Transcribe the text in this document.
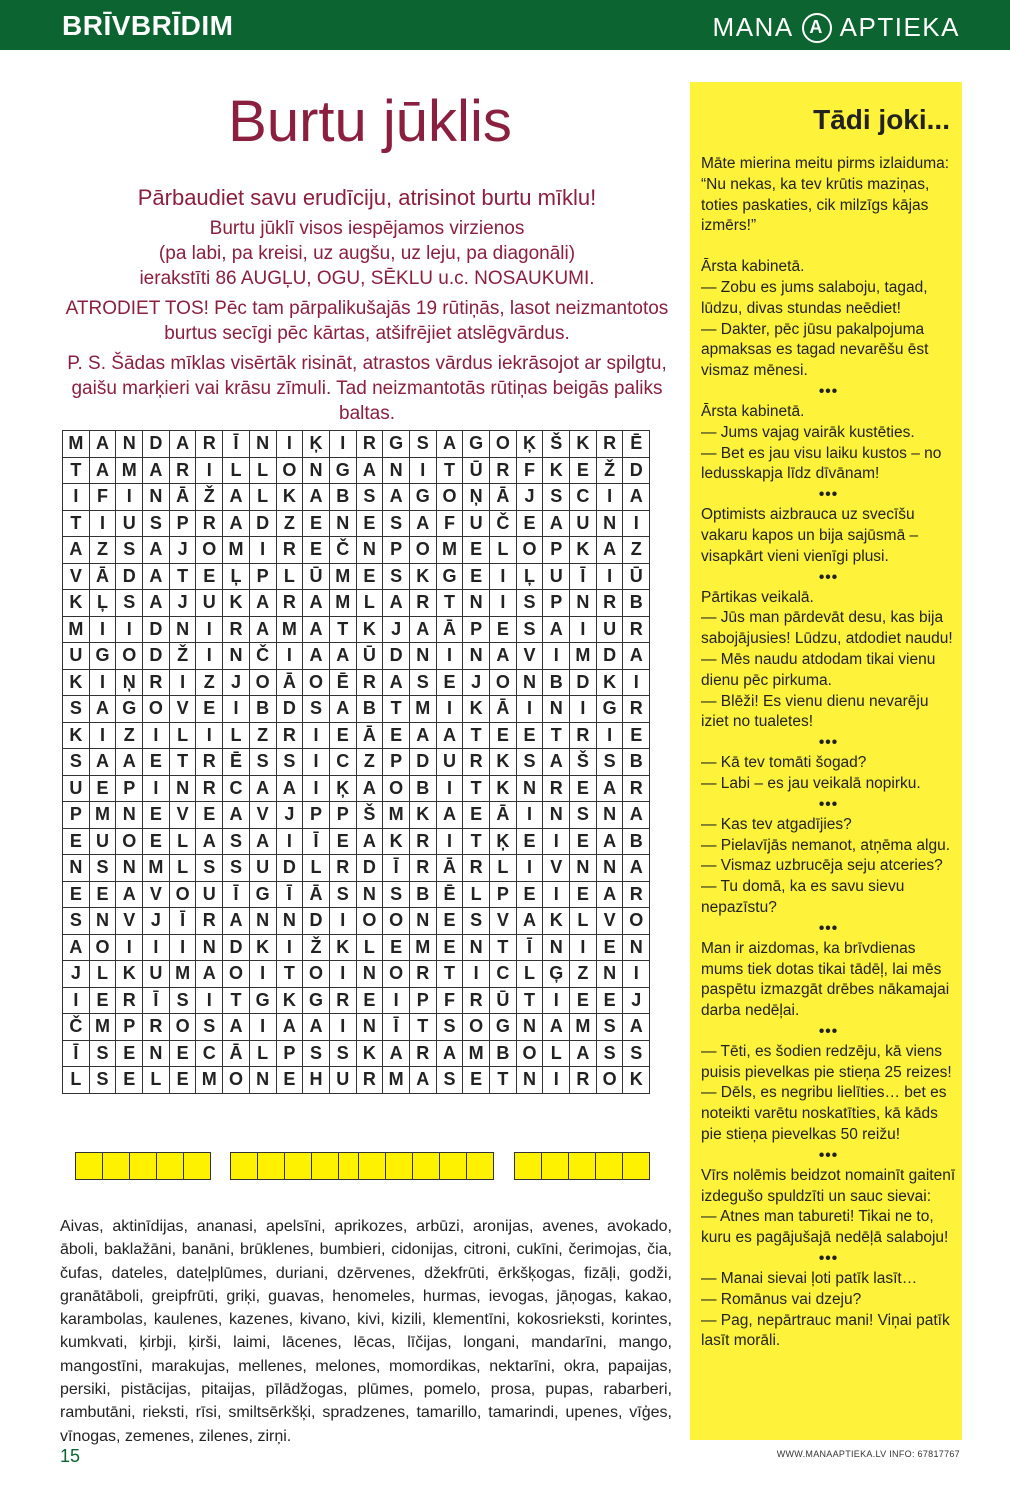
BRĪVBRĪDIM	MANA A APTIEKA
Burtu jūklis

Pārbaudiet savu erudīciju, atrisinot burtu mīklu!

Burtu jūklī visos iespējamos virzienos
(pa labi, pa kreisi, uz augšu, uz leju, pa diagonāli)
ierakstīti 86 AUGĻU, OGU, SĒKLU u.c. NOSAUKUMI.

ATRODIET TOS! Pēc tam pārpalikušajās 19 rūtiņās, lasot neizmantotos burtus secīgi pēc kārtas, atšifrējiet atslēgvārdus.

P. S. Šādas mīklas visērtāk risināt, atrastos vārdus iekrāsojot ar spilgtu, gaišu marķieri vai krāsu zīmuli. Tad neizmantotās rūtiņas beigās paliks baltas.

M	A	N	D	A	R	Ī	N	I	Ķ	I	R	G	S	A	G	O	Ķ	Š	K	R	Ē
T	A	M	A	R	I	L	L	O	N	G	A	N	I	T	Ū	R	F	K	E	Ž	D
I	F	I	N	Ā	Ž	A	L	K	A	B	S	A	G	O	Ņ	Ā	J	S	C	I	A
T	I	U	S	P	R	A	D	Z	E	N	E	S	A	F	U	Č	E	A	U	N	I
A	Z	S	A	J	O	M	I	R	E	Č	N	P	O	M	E	L	O	P	K	A	Z
V	Ā	D	A	T	E	Ļ	P	L	Ū	M	E	S	K	G	E	I	Ļ	U	Ī	I	Ū
K	Ļ	S	A	J	U	K	A	R	A	M	L	A	R	T	N	I	S	P	N	R	B
M	I	I	D	N	I	R	A	M	A	T	K	J	A	Ā	P	E	S	A	I	U	R
U	G	O	D	Ž	I	N	Č	I	A	A	Ū	D	N	I	N	A	V	I	M	D	A
K	I	Ņ	R	I	Z	J	O	Ā	O	Ē	R	A	S	E	J	O	N	B	D	K	I
S	A	G	O	V	E	I	B	D	S	A	B	T	M	I	K	Ā	I	N	I	G	R
K	I	Z	I	L	I	L	Z	R	I	E	Ā	E	A	A	T	E	E	T	R	I	E
S	A	A	E	T	R	Ē	S	S	I	C	Z	P	D	U	R	K	S	A	Š	S	B
U	E	P	I	N	R	C	A	A	I	Ķ	A	O	B	I	T	K	N	R	E	A	R
P	M	N	E	V	E	A	V	J	P	P	Š	M	K	A	E	Ā	I	N	S	N	A
E	U	O	E	L	A	S	A	I	Ī	E	A	K	R	I	T	Ķ	E	I	E	A	B
N	S	N	M	L	S	S	U	D	L	R	D	Ī	R	Ā	R	L	I	V	N	N	A
E	E	A	V	O	U	Ī	G	Ī	Ā	S	N	S	B	Ē	L	P	E	I	E	A	R
S	N	V	J	Ī	R	A	N	N	D	I	O	O	N	E	S	V	A	K	L	V	O
A	O	I	I	I	N	D	K	I	Ž	K	L	E	M	E	N	T	Ī	N	I	E	N
J	L	K	U	M	A	O	I	T	O	I	N	O	R	T	I	C	L	Ģ	Z	N	I
I	E	R	Ī	S	I	T	G	K	G	R	E	I	P	F	R	Ū	T	I	E	E	J
Č	M	P	R	O	S	A	I	A	A	I	N	Ī	T	S	O	G	N	A	M	S	A
Ī	S	E	N	E	C	Ā	L	P	S	S	K	A	R	A	M	B	O	L	A	S	S
L	S	E	L	E	M	O	N	E	H	U	R	M	A	S	E	T	N	I	R	O	K
Aivas, aktinīdijas, ananasi, apelsīni, aprikozes, arbūzi, aronijas, avenes, avokado, āboli, baklažāni, banāni, brūklenes, bumbieri, cidonijas, citroni, cukīni, čerimojas, čia, čufas, dateles, dateļplūmes, duriani, dzērvenes, džekfrūti, ērkšķogas, fizāļi, godži, granātāboli, greipfrūti, griķi, guavas, henomeles, hurmas, ievogas, jāņogas, kakao, karambolas, kaulenes, kazenes, kivano, kivi, kizili, klementīni, kokosrieksti, korintes, kumkvati, ķirbji, ķirši, laimi, lācenes, lēcas, līčijas, longani, mandarīni, mango, mangostīni, marakujas, mellenes, melones, momordikas, nektarīni, okra, papaijas, persiki, pistācijas, pitaijas, pīlādžogas, plūmes, pomelo, prosa, pupas, rabarberi, rambutāni, rieksti, rīsi, smiltsērkšķi, spradzenes, tamarillo, tamarindi, upenes, vīģes, vīnogas, zemenes, zilenes, zirņi.
15
Tādi joki...

Māte mierina meitu pirms izlaiduma:

“Nu nekas, ka tev krūtis maziņas, toties paskaties, cik milzīgs kājas izmērs!”

Ārsta kabinetā.

— Zobu es jums salaboju, tagad, lūdzu, divas stundas neēdiet!

— Dakter, pēc jūsu pakalpojuma apmaksas es tagad nevarēšu ēst vismaz mēnesi.

•••

Ārsta kabinetā.

— Jums vajag vairāk kustēties.

— Bet es jau visu laiku kustos – no ledusskapja līdz dīvānam!

•••

Optimists aizbrauca uz svecīšu vakaru kapos un bija sajūsmā – visapkārt vieni vienīgi plusi.

•••

Pārtikas veikalā.

— Jūs man pārdevāt desu, kas bija sabojājusies! Lūdzu, atdodiet naudu!

— Mēs naudu atdodam tikai vienu dienu pēc pirkuma.

— Blēži! Es vienu dienu nevarēju iziet no tualetes!

•••

— Kā tev tomāti šogad?

— Labi – es jau veikalā nopirku.

•••

— Kas tev atgadījies?

— Pielavījās nemanot, atņēma algu.

— Vismaz uzbrucēja seju atceries?

— Tu domā, ka es savu sievu nepazīstu?

•••

Man ir aizdomas, ka brīvdienas mums tiek dotas tikai tādēļ, lai mēs paspētu izmazgāt drēbes nākamajai darba nedēļai.

•••

— Tēti, es šodien redzēju, kā viens puisis pievelkas pie stieņa 25 reizes!

— Dēls, es negribu lielīties… bet es noteikti varētu noskatīties, kā kāds pie stieņa pievelkas 50 reižu!

•••

Vīrs nolēmis beidzot nomainīt gaitenī izdegušo spuldzīti un sauc sievai:

— Atnes man tabureti! Tikai ne to, kuru es pagājušajā nedēļā salaboju!

•••

— Manai sievai ļoti patīk lasīt…

— Romānus vai dzeju?

— Pag, nepārtrauc mani! Viņai patīk lasīt morāli.

WWW.MANAAPTIEKA.LV INFO: 67817767
